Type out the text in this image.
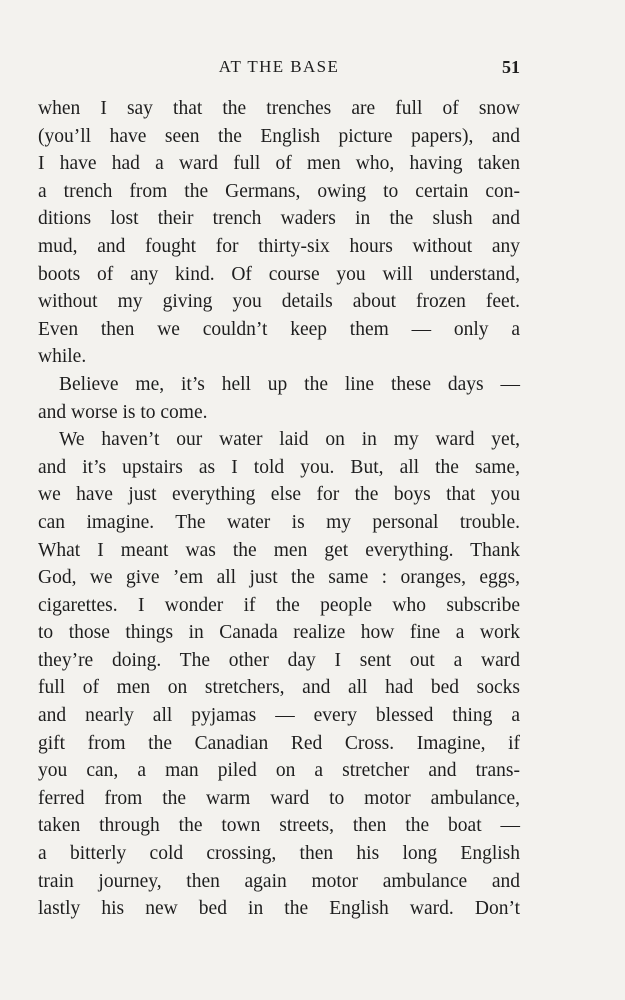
AT THE BASE	51
when I say that the trenches are full of snow
(you’ll have seen the English picture papers), and
I have had a ward full of men who, having taken
a trench from the Germans, owing to certain con-
ditions lost their trench waders in the slush and
mud, and fought for thirty-six hours without any
boots of any kind. Of course you will understand,
without my giving you details about frozen feet.
Even then we couldn’t keep them — only a
while.
Believe me, it’s hell up the line these days —
and worse is to come.
We haven’t our water laid on in my ward yet,
and it’s upstairs as I told you. But, all the same,
we have just everything else for the boys that you
can imagine. The water is my personal trouble.
What I meant was the men get everything. Thank
God, we give ’em all just the same : oranges, eggs,
cigarettes. I wonder if the people who subscribe
to those things in Canada realize how fine a work
they’re doing. The other day I sent out a ward
full of men on stretchers, and all had bed socks
and nearly all pyjamas — every blessed thing a
gift from the Canadian Red Cross. Imagine, if
you can, a man piled on a stretcher and trans-
ferred from the warm ward to motor ambulance,
taken through the town streets, then the boat —
a bitterly cold crossing, then his long English
train journey, then again motor ambulance and
lastly his new bed in the English ward. Don’t
